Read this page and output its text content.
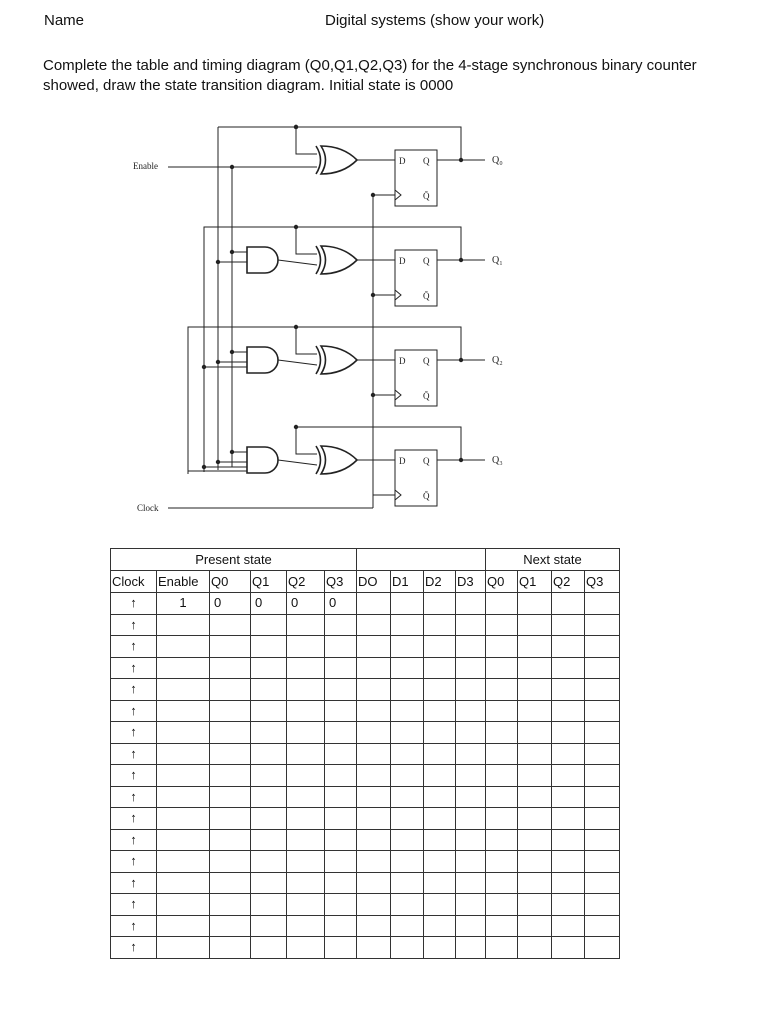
Name	Digital systems (show your work)
Complete the table and timing diagram (Q0,Q1,Q2,Q3) for the 4-stage synchronous binary counter showed, draw the state transition diagram. Initial state is 0000
D Q
Q̄
Q₀
D Q
Q̄
Q₁
D Q
Q̄
Q₂
D Q
Q̄
Q₃
Clock
Enable
Present state										Next state			
Clock	Enable	Q0	Q1	Q2	Q3	DO	D1	D2	D3	Q0	Q1	Q2	Q3
↑	1	0	0	0	0								
↑													
↑													
↑													
↑													
↑													
↑													
↑													
↑													
↑													
↑													
↑													
↑													
↑													
↑													
↑													
↑													
